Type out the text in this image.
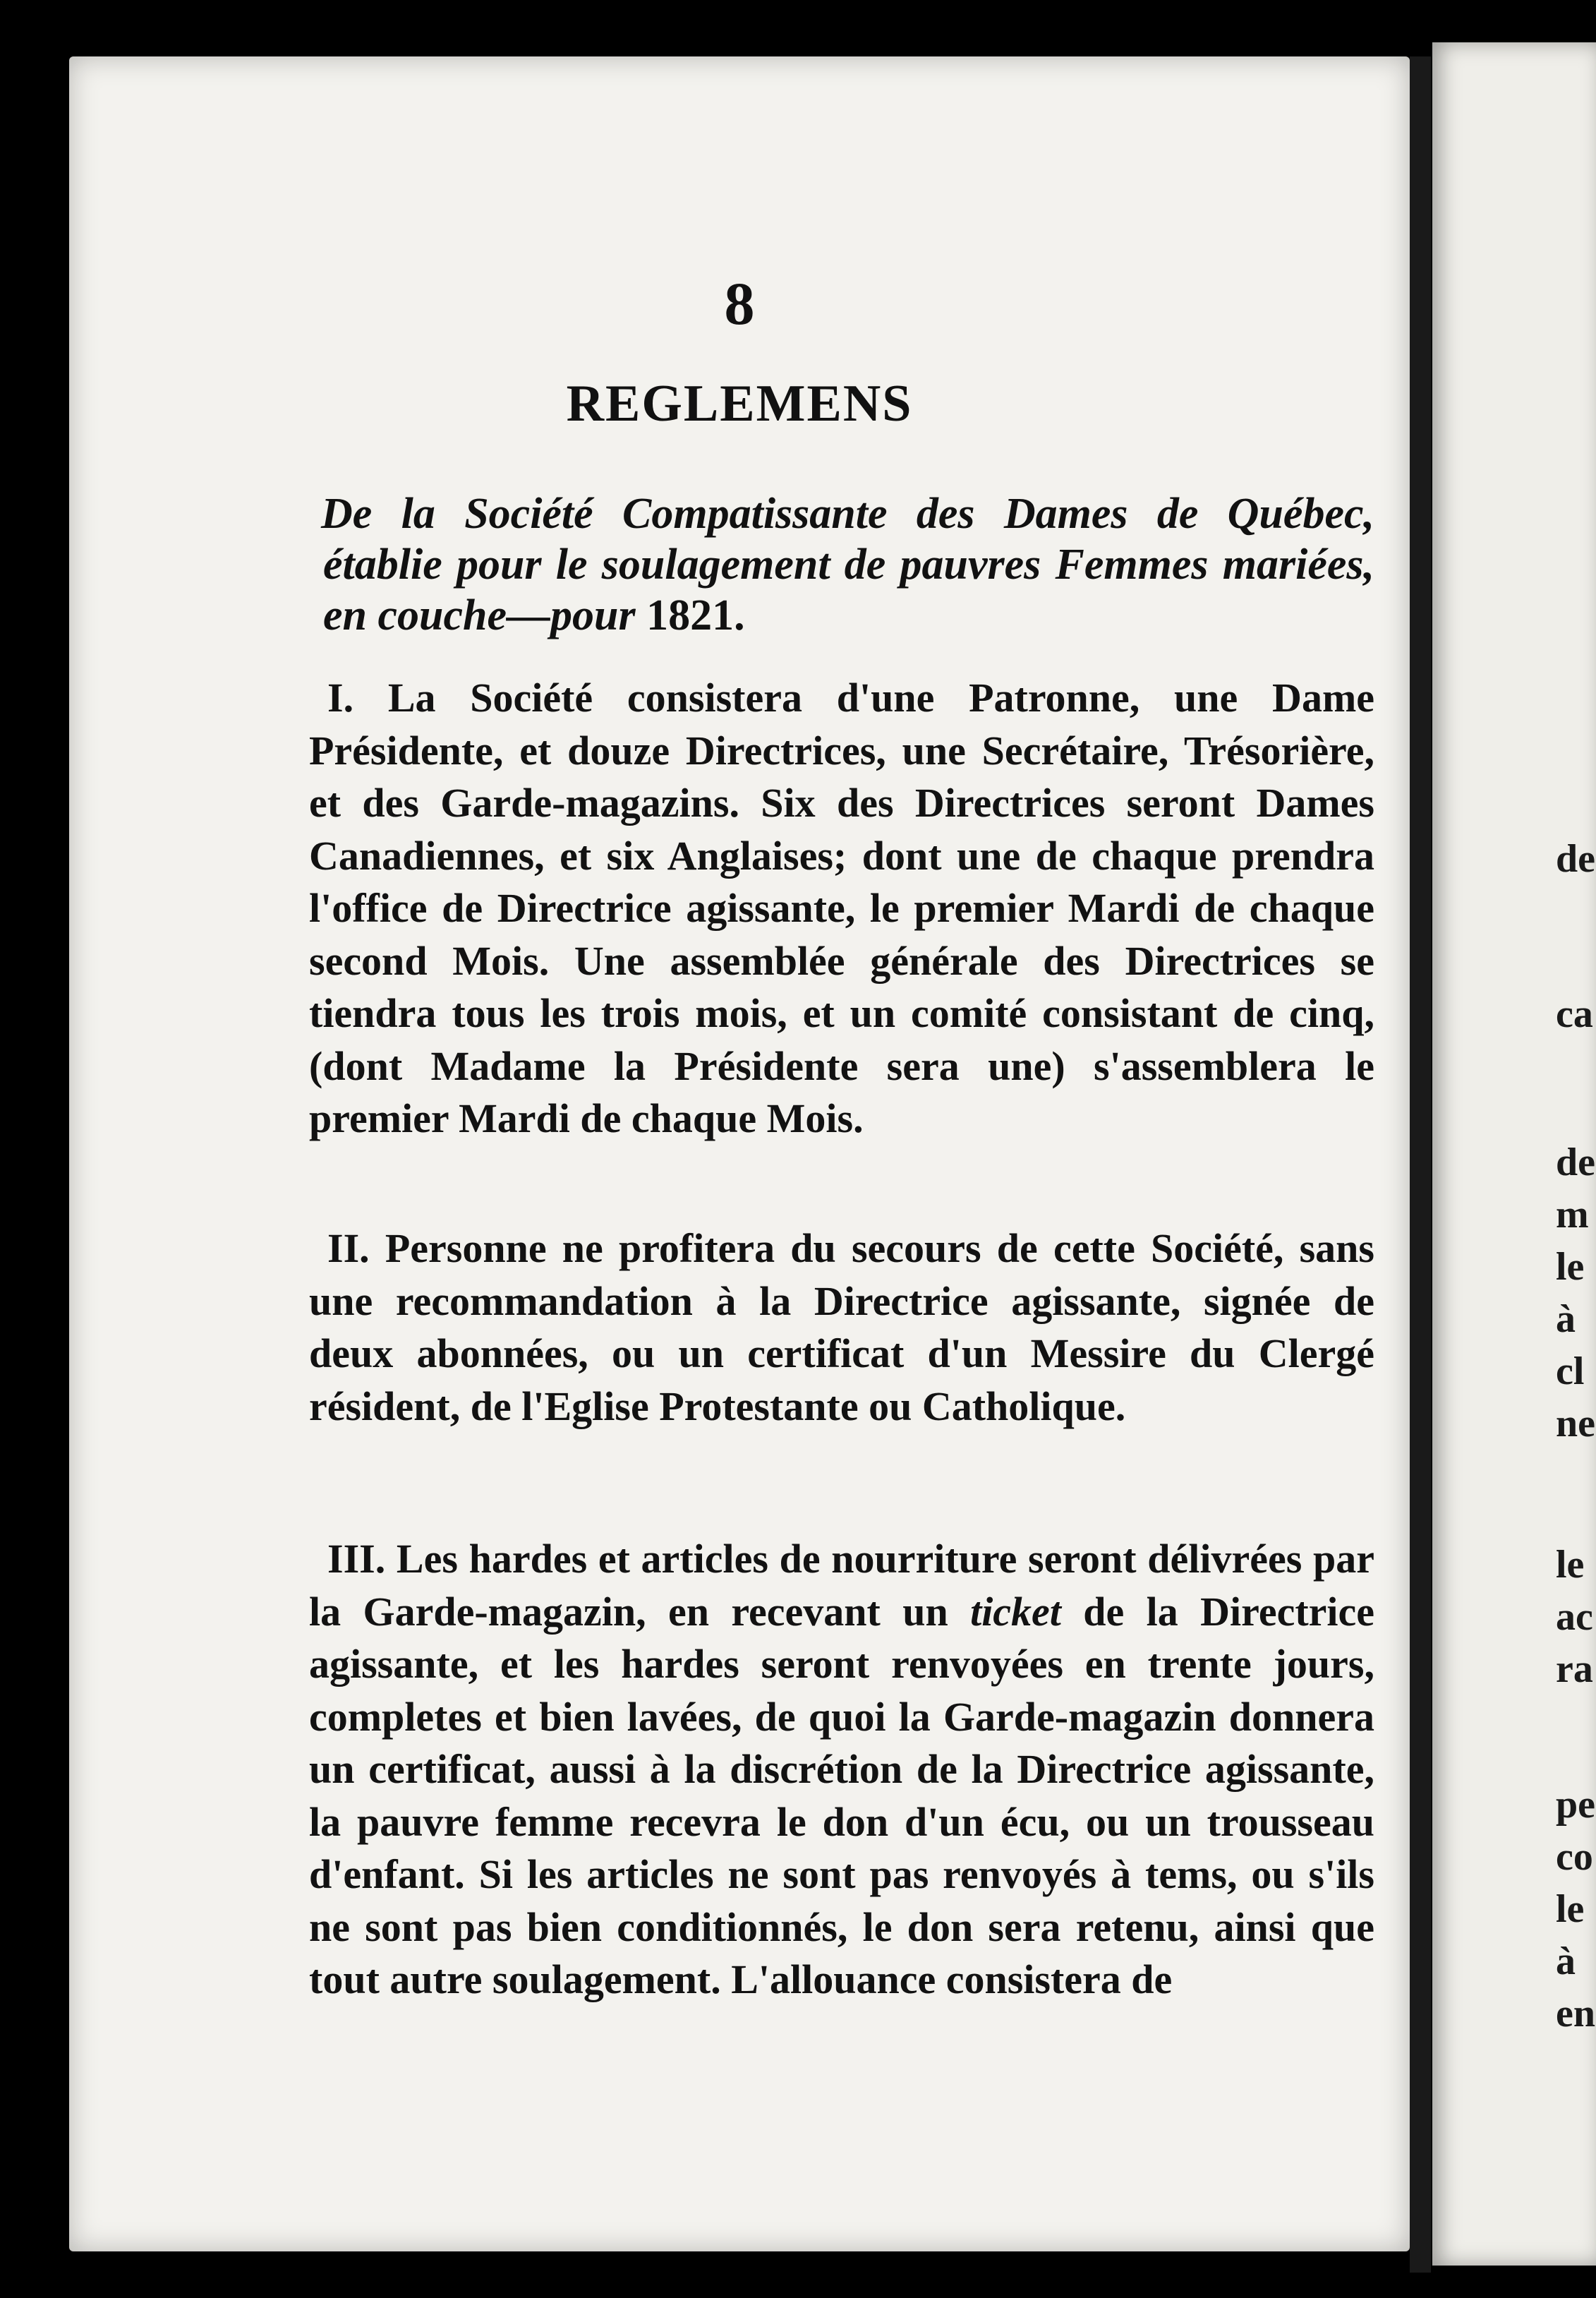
8
REGLEMENS
De la Société Compatissante des Dames de Québec, établie pour le soulagement de pauvres Femmes mariées, en couche—pour 1821.
I. La Société consistera d'une Patronne, une Dame Présidente, et douze Directrices, une Secrétaire, Trésorière, et des Garde-magazins. Six des Directrices seront Dames Canadiennes, et six Anglaises; dont une de chaque prendra l'office de Directrice agissante, le premier Mardi de chaque second Mois. Une assemblée générale des Directrices se tiendra tous les trois mois, et un comité consistant de cinq, (dont Madame la Présidente sera une) s'assemblera le premier Mardi de chaque Mois.
II. Personne ne profitera du secours de cette Société, sans une recommandation à la Directrice agissante, signée de deux abonnées, ou un certificat d'un Messire du Clergé résident, de l'Eglise Protestante ou Catholique.
III. Les hardes et articles de nourriture seront délivrées par la Garde-magazin, en recevant un ticket de la Directrice agissante, et les hardes seront renvoyées en trente jours, completes et bien lavées, de quoi la Garde-magazin donnera un certificat, aussi à la discrétion de la Directrice agissante, la pauvre femme recevra le don d'un écu, ou un trousseau d'enfant. Si les articles ne sont pas renvoyés à tems, ou s'ils ne sont pas bien conditionnés, le don sera retenu, ainsi que tout autre soulagement. L'allouance consistera de
de
ca
de
m
le
à
cl
ne
le
ac
ra
pe
co
le
à
en
